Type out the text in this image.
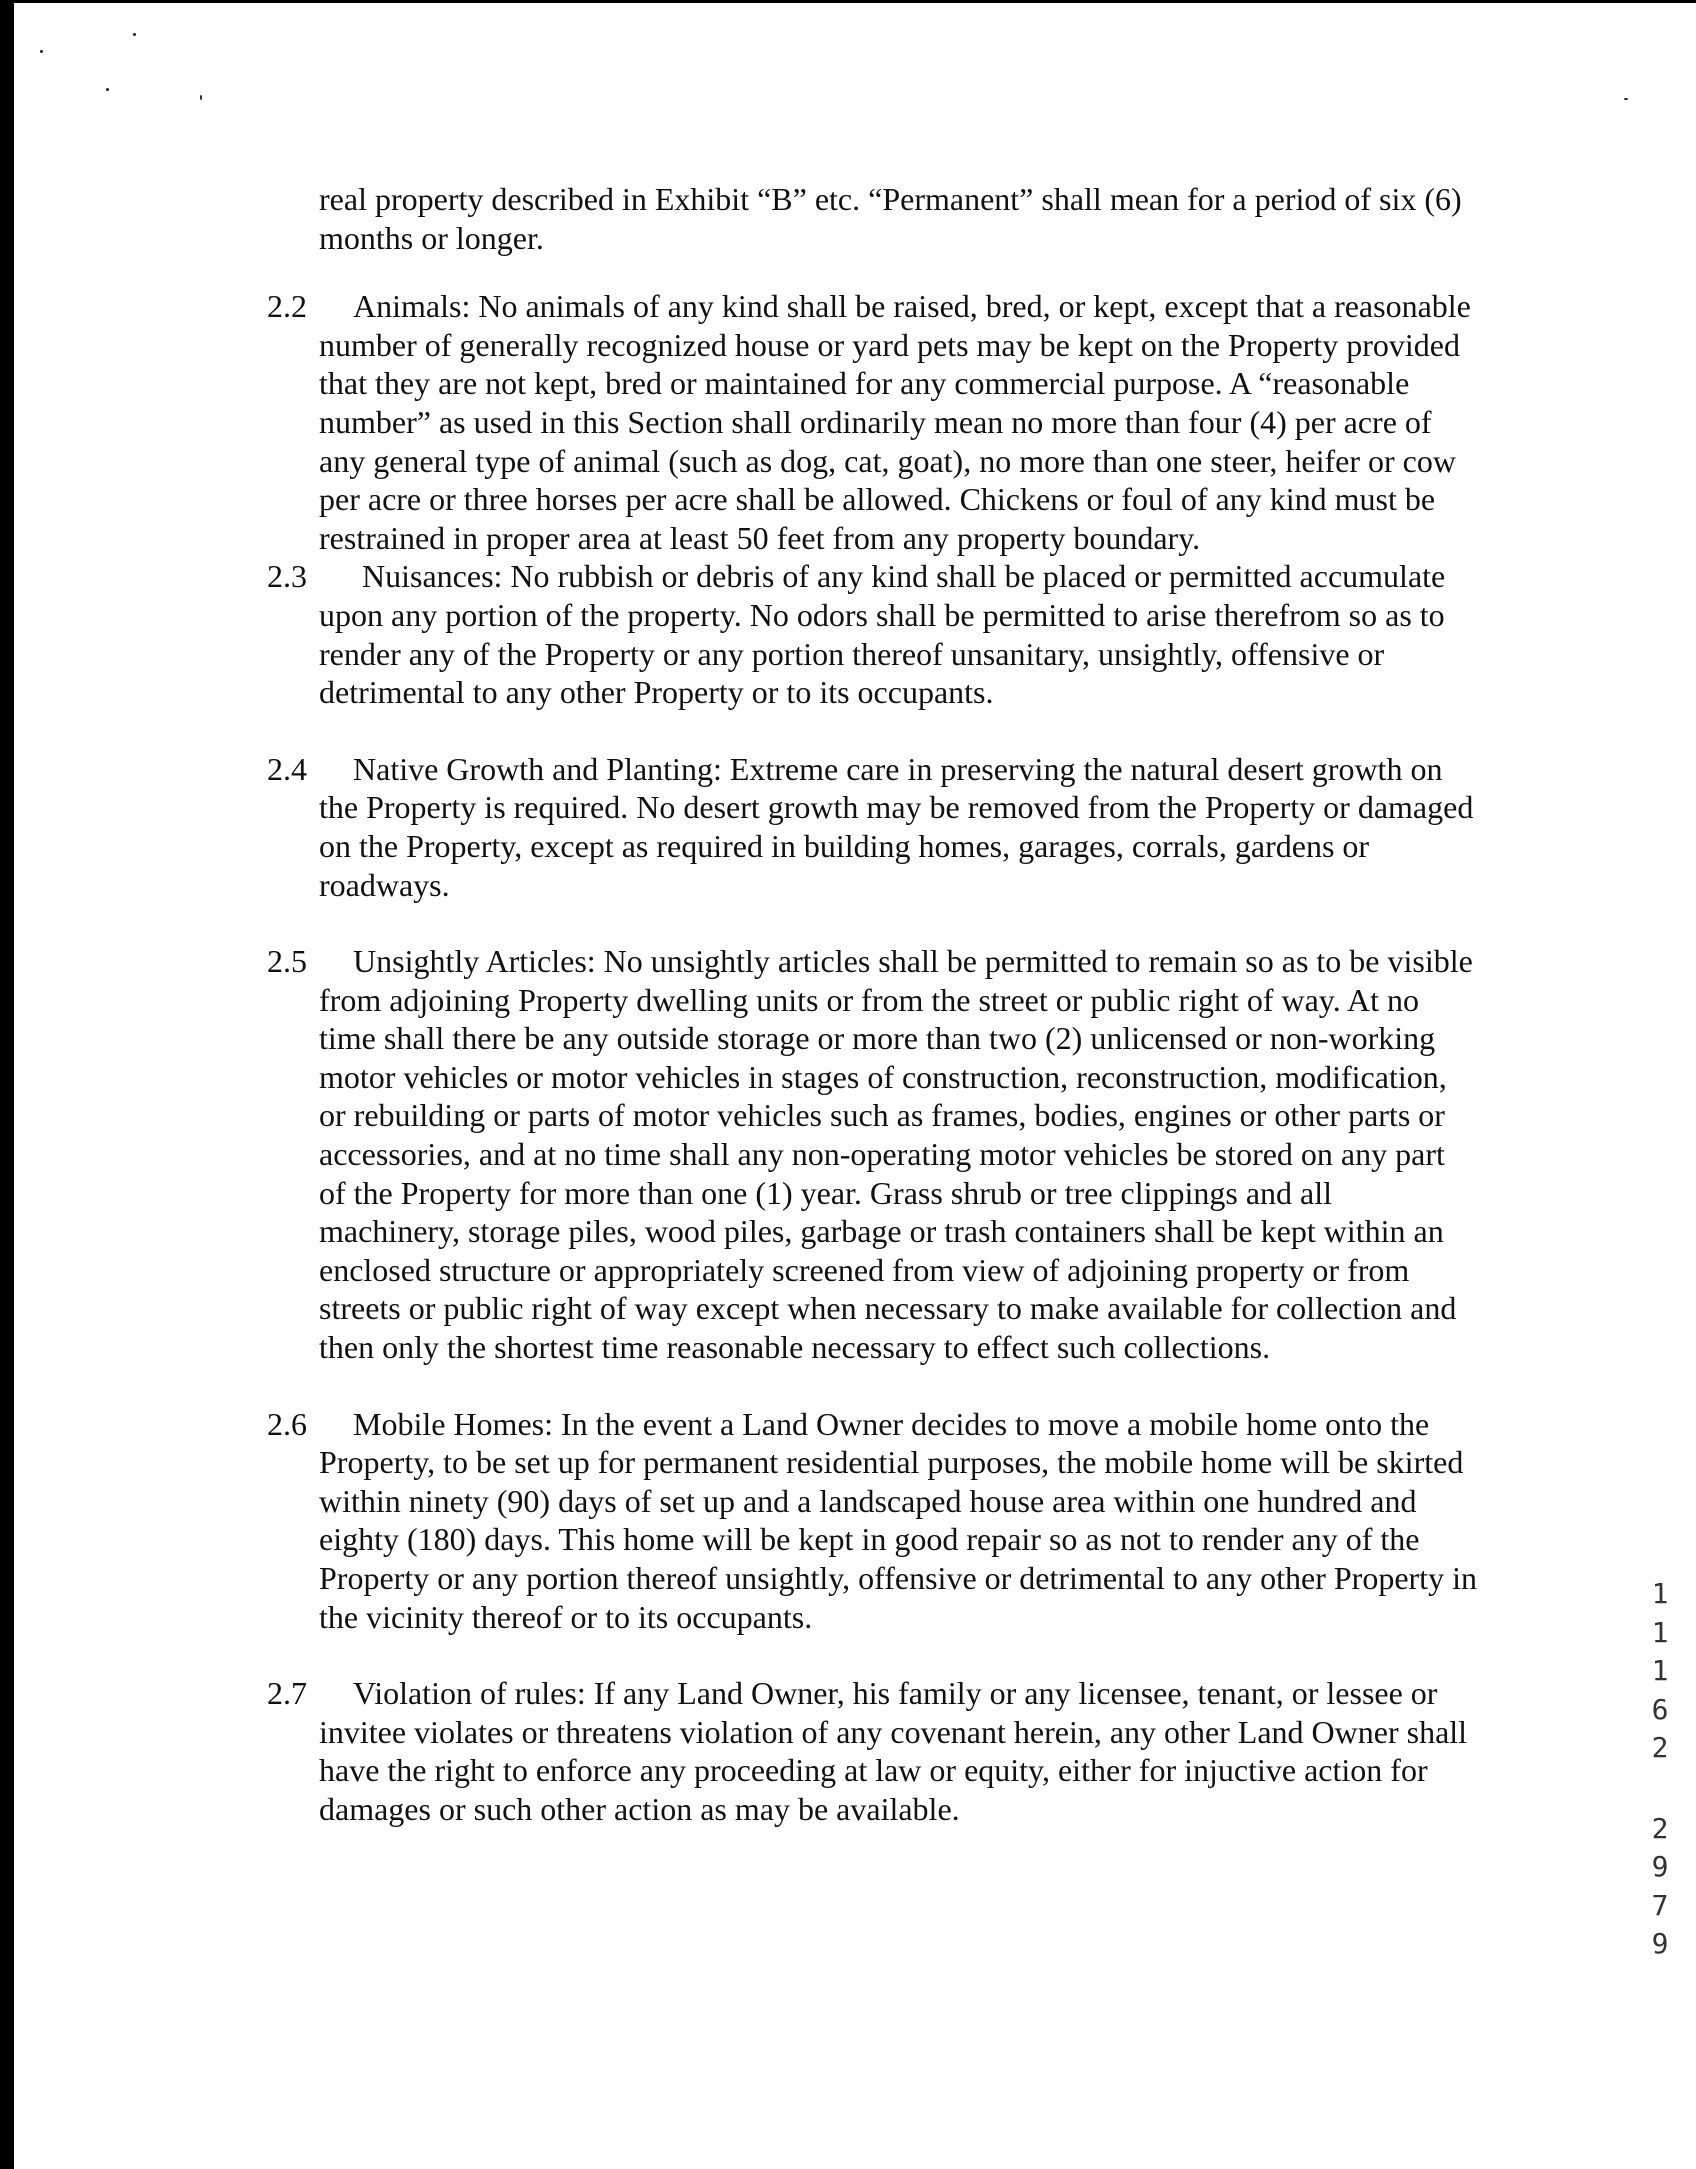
real property described in Exhibit “B” etc. “Permanent” shall mean for a period of six (6) months or longer.

2.2	Animals: No animals of any kind shall be raised, bred, or kept, except that a reasonable number of generally recognized house or yard pets may be kept on the Property provided that they are not kept, bred or maintained for any commercial purpose. A “reasonable number” as used in this Section shall ordinarily mean no more than four (4) per acre of any general type of animal (such as dog, cat, goat), no more than one steer, heifer or cow per acre or three horses per acre shall be allowed. Chickens or foul of any kind must be restrained in proper area at least 50 feet from any property boundary.
2.3	Nuisances: No rubbish or debris of any kind shall be placed or permitted accumulate upon any portion of the property. No odors shall be permitted to arise therefrom so as to render any of the Property or any portion thereof unsanitary, unsightly, offensive or detrimental to any other Property or to its occupants.
2.4	Native Growth and Planting: Extreme care in preserving the natural desert growth on the Property is required. No desert growth may be removed from the Property or damaged on the Property, except as required in building homes, garages, corrals, gardens or roadways.
2.5	Unsightly Articles: No unsightly articles shall be permitted to remain so as to be visible from adjoining Property dwelling units or from the street or public right of way. At no time shall there be any outside storage or more than two (2) unlicensed or non-working motor vehicles or motor vehicles in stages of construction, reconstruction, modification, or rebuilding or parts of motor vehicles such as frames, bodies, engines or other parts or accessories, and at no time shall any non-operating motor vehicles be stored on any part of the Property for more than one (1) year. Grass shrub or tree clippings and all machinery, storage piles, wood piles, garbage or trash containers shall be kept within an enclosed structure or appropriately screened from view of adjoining property or from streets or public right of way except when necessary to make available for collection and then only the shortest time reasonable necessary to effect such collections.
2.6	Mobile Homes: In the event a Land Owner decides to move a mobile home onto the Property, to be set up for permanent residential purposes, the mobile home will be skirted within ninety (90) days of set up and a landscaped house area within one hundred and eighty (180) days. This home will be kept in good repair so as not to render any of the Property or any portion thereof unsightly, offensive or detrimental to any other Property in the vicinity thereof or to its occupants.
2.7	Violation of rules: If any Land Owner, his family or any licensee, tenant, or lessee or invitee violates or threatens violation of any covenant herein, any other Land Owner shall have the right to enforce any proceeding at law or equity, either for injuctive action for damages or such other action as may be available.
1
1
1
6
2
2
9
7
9
